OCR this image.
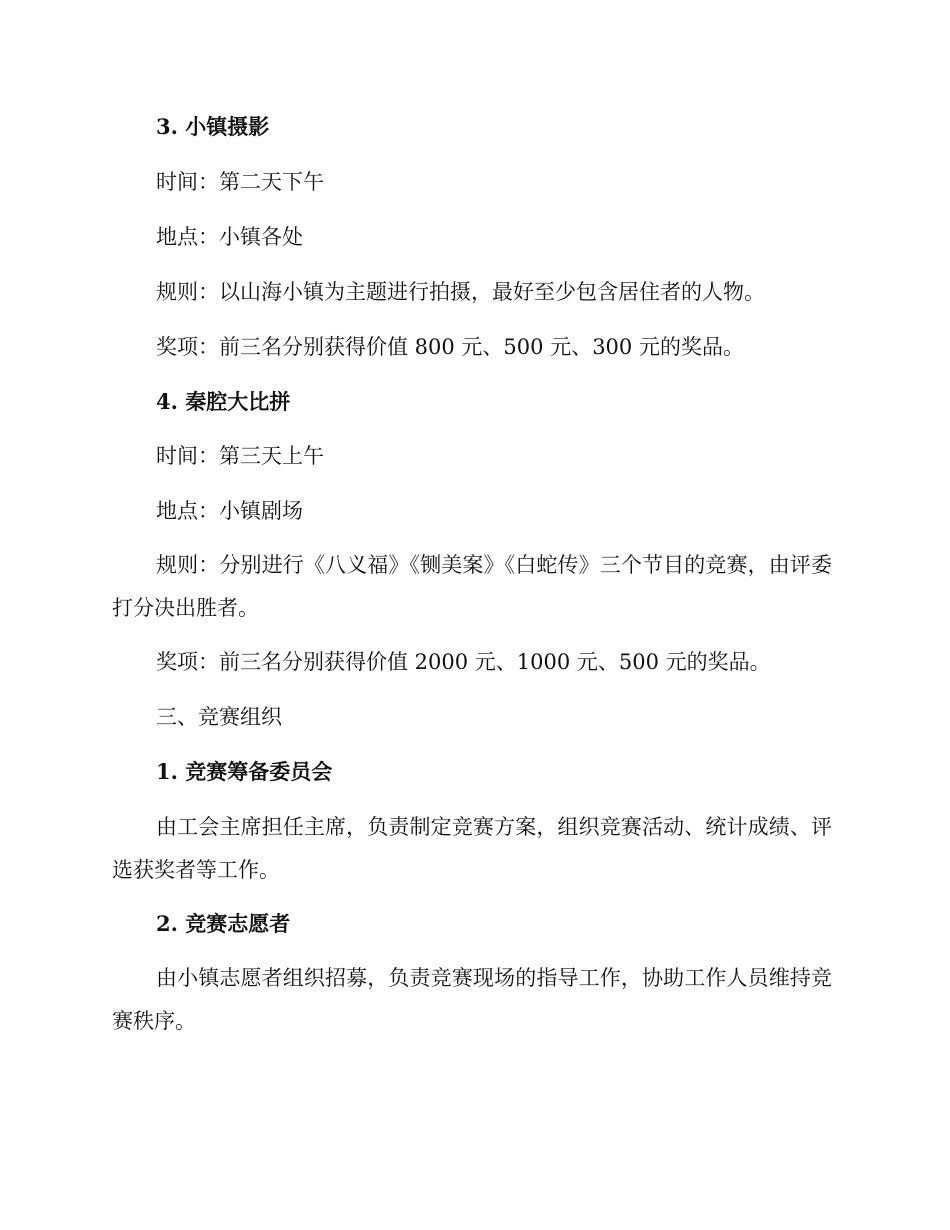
3. 小镇摄影

时间：第二天下午

地点：小镇各处

规则：以山海小镇为主题进行拍摄，最好至少包含居住者的人物。

奖项：前三名分别获得价值 800 元、500 元、300 元的奖品。

4. 秦腔大比拼

时间：第三天上午

地点：小镇剧场

规则：分别进行《八义福》《铡美案》《白蛇传》三个节目的竞赛，由评委打分决出胜者。

奖项：前三名分别获得价值 2000 元、1000 元、500 元的奖品。

三、竞赛组织

1. 竞赛筹备委员会

由工会主席担任主席，负责制定竞赛方案，组织竞赛活动、统计成绩、评选获奖者等工作。

2. 竞赛志愿者

由小镇志愿者组织招募，负责竞赛现场的指导工作，协助工作人员维持竞赛秩序。
